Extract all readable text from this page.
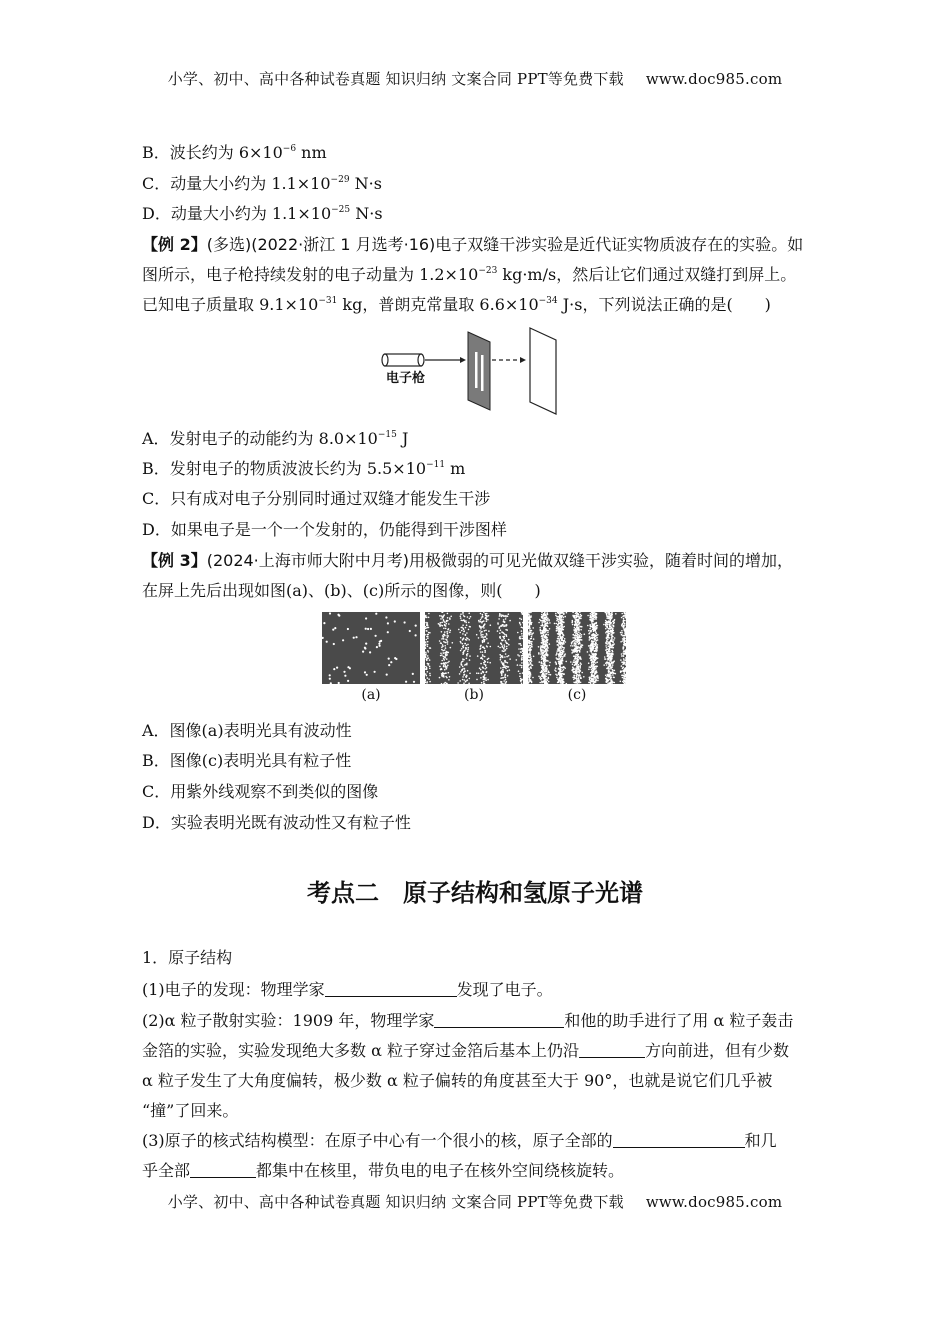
小学、初中、高中各种试卷真题 知识归纳 文案合同 PPT等免费下载 www.doc985.com
B．波长约为 $6\times 10^{-6}$ nm
C．动量大小约为 $1.1\times 10^{-29}$ N·s
D．动量大小约为 $1.1\times 10^{-25}$ N·s
【例 2】(多选)(2022·浙江 1 月选考·16)电子双缝干涉实验是近代证实物质波存在的实验。如
图所示，电子枪持续发射的电子动量为 $1.2\times 10^{-23}$ kg·m/s，然后让它们通过双缝打到屏上。
已知电子质量取 $9.1\times 10^{-31}$ kg，普朗克常量取 $6.6\times 10^{-34}$ J·s，下列说法正确的是(　　)
电子枪
A．发射电子的动能约为 $8.0\times 10^{-15}$ J
B．发射电子的物质波波长约为 $5.5\times 10^{-11}$ m
C．只有成对电子分别同时通过双缝才能发生干涉
D．如果电子是一个一个发射的，仍能得到干涉图样
【例 3】(2024·上海市师大附中月考)用极微弱的可见光做双缝干涉实验，随着时间的增加，
在屏上先后出现如图(a)、(b)、(c)所示的图像，则(　　)
(a)	(b)	(c)
A．图像(a)表明光具有波动性
B．图像(c)表明光具有粒子性
C．用紫外线观察不到类似的图像
D．实验表明光既有波动性又有粒子性
考点二　原子结构和氢原子光谱
1．原子结构
(1)电子的发现：物理学家	发现了电子。
(2)α 粒子散射实验：1909 年，物理学家	和他的助手进行了用 α 粒子轰击
金箔的实验，实验发现绝大多数 α 粒子穿过金箔后基本上仍沿	方向前进，但有少数
α 粒子发生了大角度偏转，极少数 α 粒子偏转的角度甚至大于 90°，也就是说它们几乎被
“撞”了回来。
(3)原子的核式结构模型：在原子中心有一个很小的核，原子全部的	和几
乎全部	都集中在核里，带负电的电子在核外空间绕核旋转。
小学、初中、高中各种试卷真题 知识归纳 文案合同 PPT等免费下载 www.doc985.com
